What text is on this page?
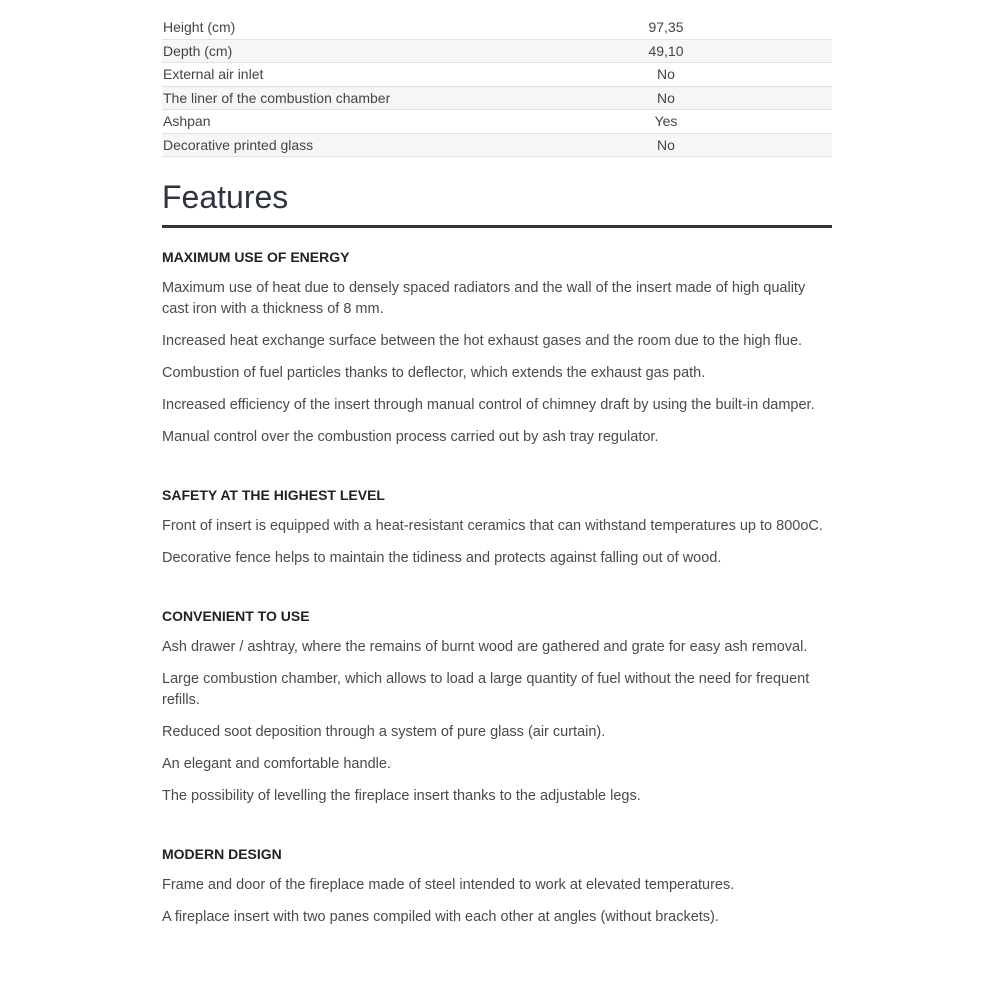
Height (cm)	97,35
Depth (cm)	49,10
External air inlet	No
The liner of the combustion chamber	No
Ashpan	Yes
Decorative printed glass	No
Features
MAXIMUM USE OF ENERGY

Maximum use of heat due to densely spaced radiators and the wall of the insert made of high quality cast iron with a thickness of 8 mm.

Increased heat exchange surface between the hot exhaust gases and the room due to the high flue.

Combustion of fuel particles thanks to deflector, which extends the exhaust gas path.

Increased efficiency of the insert through manual control of chimney draft by using the built-in damper.

Manual control over the combustion process carried out by ash tray regulator.

SAFETY AT THE HIGHEST LEVEL

Front of insert is equipped with a heat-resistant ceramics that can withstand temperatures up to 800oC.

Decorative fence helps to maintain the tidiness and protects against falling out of wood.

CONVENIENT TO USE

Ash drawer / ashtray, where the remains of burnt wood are gathered and grate for easy ash removal.

Large combustion chamber, which allows to load a large quantity of fuel without the need for frequent refills.

Reduced soot deposition through a system of pure glass (air curtain).

An elegant and comfortable handle.

The possibility of levelling the fireplace insert thanks to the adjustable legs.

MODERN DESIGN

Frame and door of the fireplace made of steel intended to work at elevated temperatures.

A fireplace insert with two panes compiled with each other at angles (without brackets).
